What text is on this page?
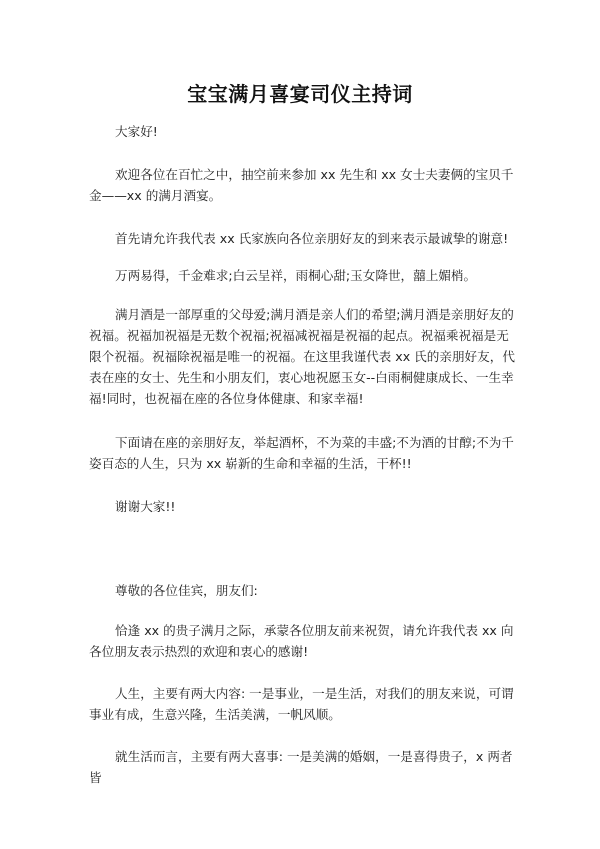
宝宝满月喜宴司仪主持词

大家好!

欢迎各位在百忙之中，抽空前来参加 xx 先生和 xx 女士夫妻俩的宝贝千金——xx 的满月酒宴。

首先请允许我代表 xx 氏家族向各位亲朋好友的到来表示最诚挚的谢意!

万两易得，千金难求;白云呈祥，雨桐心甜;玉女降世，囍上媚梢。

满月酒是一部厚重的父母爱;满月酒是亲人们的希望;满月酒是亲朋好友的祝福。祝福加祝福是无数个祝福;祝福减祝福是祝福的起点。祝福乘祝福是无限个祝福。祝福除祝福是唯一的祝福。在这里我谨代表 xx 氏的亲朋好友，代表在座的女士、先生和小朋友们，衷心地祝愿玉女--白雨桐健康成长、一生幸福!同时，也祝福在座的各位身体健康、和家幸福!

下面请在座的亲朋好友，举起酒杯，不为菜的丰盛;不为酒的甘醇;不为千姿百态的人生，只为 xx 崭新的生命和幸福的生活，干杯!!

谢谢大家!!

尊敬的各位佳宾，朋友们:

恰逢 xx 的贵子满月之际，承蒙各位朋友前来祝贺，请允许我代表 xx 向各位朋友表示热烈的欢迎和衷心的感谢!

人生，主要有两大内容: 一是事业，一是生活，对我们的朋友来说，可谓事业有成，生意兴隆，生活美满，一帆风顺。

就生活而言，主要有两大喜事: 一是美满的婚姻，一是喜得贵子，x 两者皆
